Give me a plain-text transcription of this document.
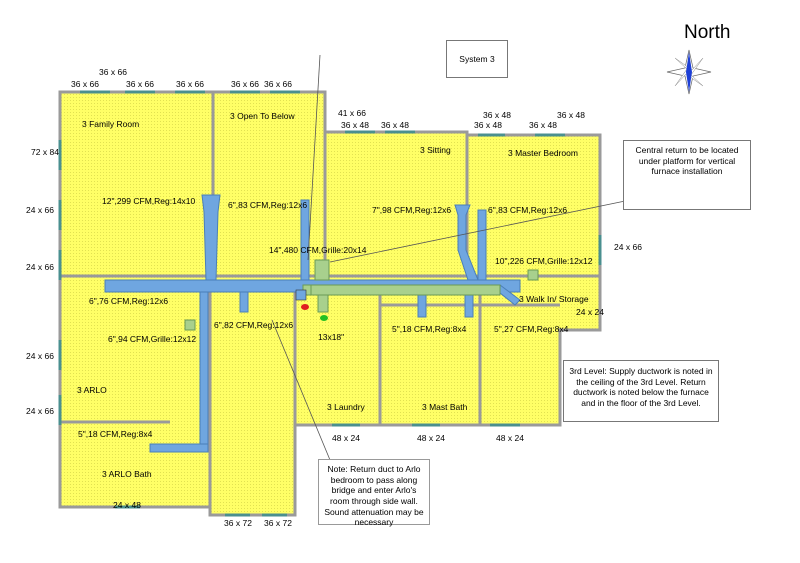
North
System 3
3 Family Room
3 Open To Below
3 Sitting	3 Master Bedroom
3 Walk In/ Storage
3 ARLO
3 ARLO Bath
3 Laundry	3 Mast Bath
12",299 CFM,Reg:14x10	6",83 CFM,Reg:12x6	7",98 CFM,Reg:12x6	6",83 CFM,Reg:12x6
14",480 CFM,Grille:20x14
10",226 CFM,Grille:12x12
6",76 CFM,Reg:12x6
6",94 CFM,Grille:12x12
6",82 CFM,Reg:12x6
13x18"
5",18 CFM,Reg:8x4	5",27 CFM,Reg:8x4
5",18 CFM,Reg:8x4
36 x 66
36 x 66	36 x 66	36 x 66	36 x 66 36 x 66
41 x 66
36 x 48 36 x 48
36 x 48	36 x 48
36 x 48	36 x 48
72 x 84
24 x 66
24 x 66
24 x 66
24 x 66
24 x 66
24 x 24
48 x 24	48 x 24	48 x 24
24 x 48
36 x 72 36 x 72
Central return to be located under platform for vertical furnace installation
3rd Level: Supply ductwork is noted in the ceiling of the 3rd Level. Return ductwork is noted below the furnace and in the floor of the 3rd Level.
Note: Return duct to Arlo bedroom to pass along bridge and enter Arlo's room through side wall. Sound attenuation may be necessary
